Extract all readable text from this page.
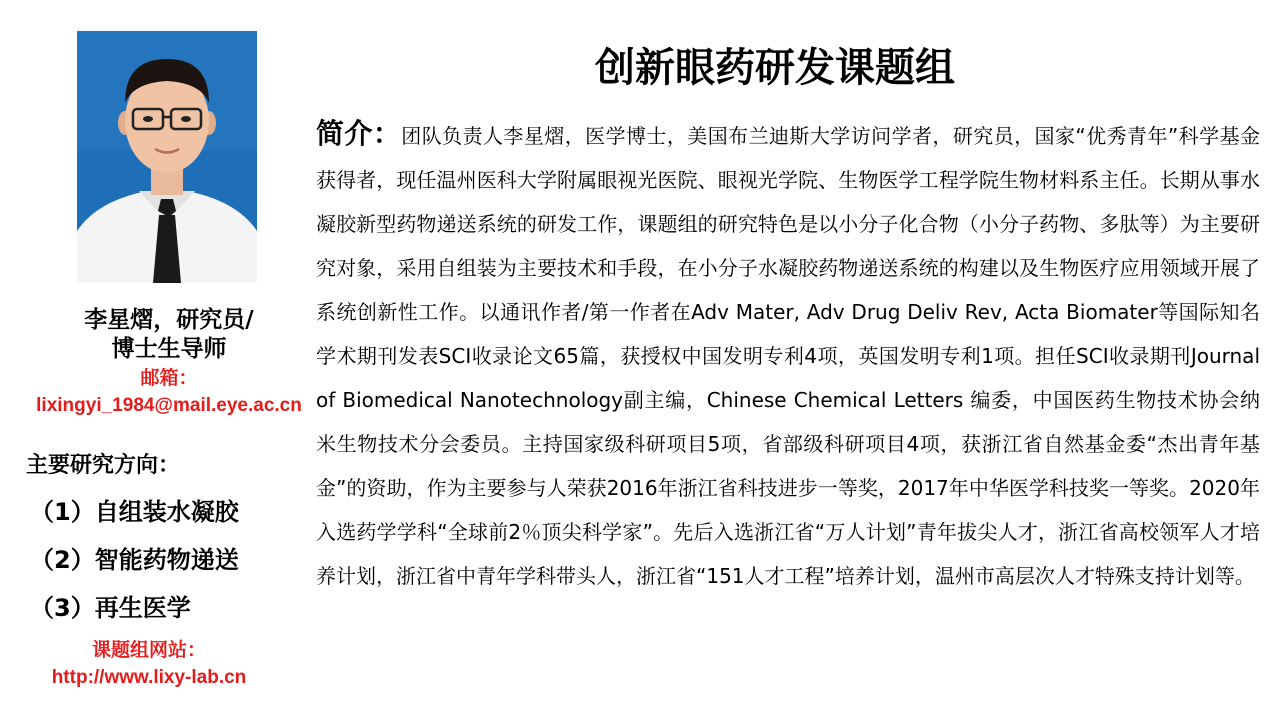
李星熠，研究员/

博士生导师

邮箱：

lixingyi_1984@mail.eye.ac.cn

主要研究方向：
（1）自组装水凝胶
（2）智能药物递送
（3）再生医学

课题组网站：

http://www.lixy-lab.cn

创新眼药研发课题组

简介：团队负责人李星熠，医学博士，美国布兰迪斯大学访问学者，研究员，国家“优秀青年”科学基金获得者，现任温州医科大学附属眼视光医院、眼视光学院、生物医学工程学院生物材料系主任。长期从事水凝胶新型药物递送系统的研发工作，课题组的研究特色是以小分子化合物（小分子药物、多肽等）为主要研究对象，采用自组装为主要技术和手段，在小分子水凝胶药物递送系统的构建以及生物医疗应用领域开展了系统创新性工作。以通讯作者/第一作者在Adv Mater, Adv Drug Deliv Rev, Acta Biomater等国际知名学术期刊发表SCI收录论文65篇，获授权中国发明专利4项，英国发明专利1项。担任SCI收录期刊Journal of Biomedical Nanotechnology副主编，Chinese Chemical Letters 编委，中国医药生物技术协会纳米生物技术分会委员。主持国家级科研项目5项，省部级科研项目4项，获浙江省自然基金委“杰出青年基金”的资助，作为主要参与人荣获2016年浙江省科技进步一等奖，2017年中华医学科技奖一等奖。2020年入选药学学科“全球前2％顶尖科学家”。先后入选浙江省“万人计划”青年拔尖人才，浙江省高校领军人才培养计划，浙江省中青年学科带头人，浙江省“151人才工程”培养计划，温州市高层次人才特殊支持计划等。
